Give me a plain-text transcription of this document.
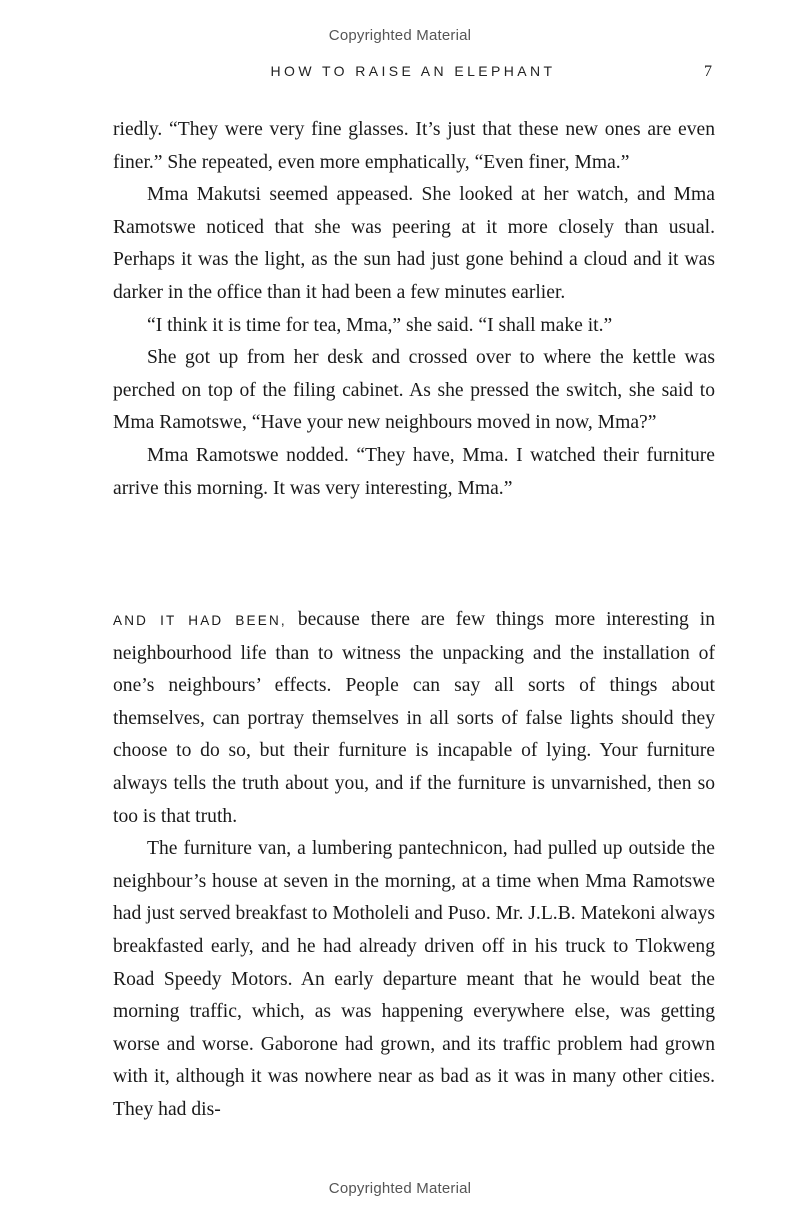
Copyrighted Material
HOW TO RAISE AN ELEPHANT	7

riedly. “They were very fine glasses. It’s just that these new ones are even finer.” She repeated, even more emphatically, “Even finer, Mma.”

Mma Makutsi seemed appeased. She looked at her watch, and Mma Ramotswe noticed that she was peering at it more closely than usual. Perhaps it was the light, as the sun had just gone behind a cloud and it was darker in the office than it had been a few minutes earlier.

“I think it is time for tea, Mma,” she said. “I shall make it.”

She got up from her desk and crossed over to where the kettle was perched on top of the filing cabinet. As she pressed the switch, she said to Mma Ramotswe, “Have your new neighbours moved in now, Mma?”

Mma Ramotswe nodded. “They have, Mma. I watched their furniture arrive this morning. It was very interesting, Mma.”

AND IT HAD BEEN, because there are few things more interesting in neighbourhood life than to witness the unpacking and the installation of one’s neighbours’ effects. People can say all sorts of things about themselves, can portray themselves in all sorts of false lights should they choose to do so, but their furniture is incapable of lying. Your furniture always tells the truth about you, and if the furniture is unvarnished, then so too is that truth.

The furniture van, a lumbering pantechnicon, had pulled up outside the neighbour’s house at seven in the morning, at a time when Mma Ramotswe had just served breakfast to Motholeli and Puso. Mr. J.L.B. Matekoni always breakfasted early, and he had already driven off in his truck to Tlokweng Road Speedy Motors. An early departure meant that he would beat the morning traffic, which, as was happening everywhere else, was getting worse and worse. Gaborone had grown, and its traffic problem had grown with it, although it was nowhere near as bad as it was in many other cities. They had dis-

Copyrighted Material
